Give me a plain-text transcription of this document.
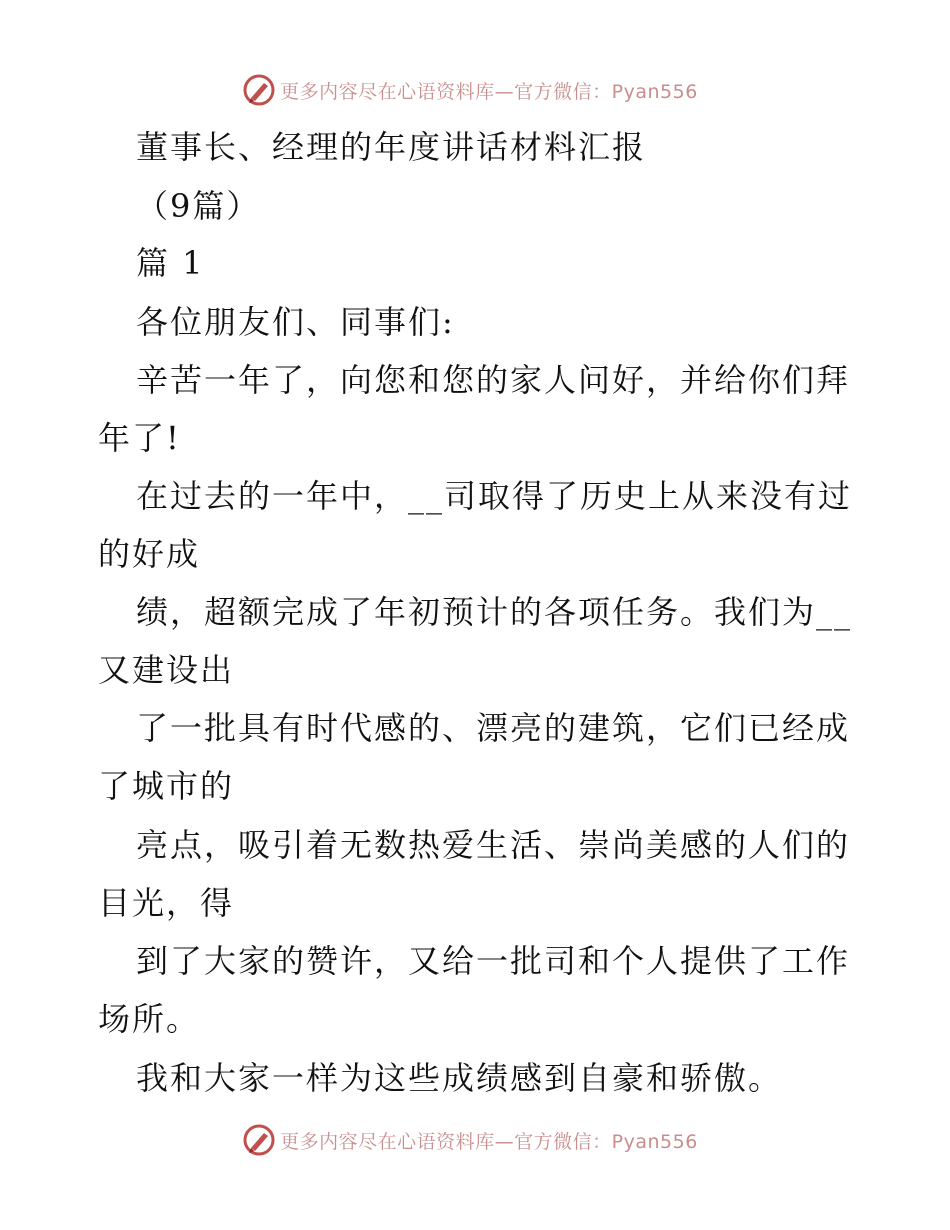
更多内容尽在心语资料库—官方微信：Pyan556
董事长、经理的年度讲话材料汇报
（9篇）
篇 1
各位朋友们、同事们:
辛苦一年了，向您和您的家人问好，并给你们拜
年了!
在过去的一年中，__司取得了历史上从来没有过
的好成
绩，超额完成了年初预计的各项任务。我们为__
又建设出
了一批具有时代感的、漂亮的建筑，它们已经成
了城市的
亮点，吸引着无数热爱生活、崇尚美感的人们的
目光，得
到了大家的赞许，又给一批司和个人提供了工作
场所。
我和大家一样为这些成绩感到自豪和骄傲。
更多内容尽在心语资料库—官方微信：Pyan556
